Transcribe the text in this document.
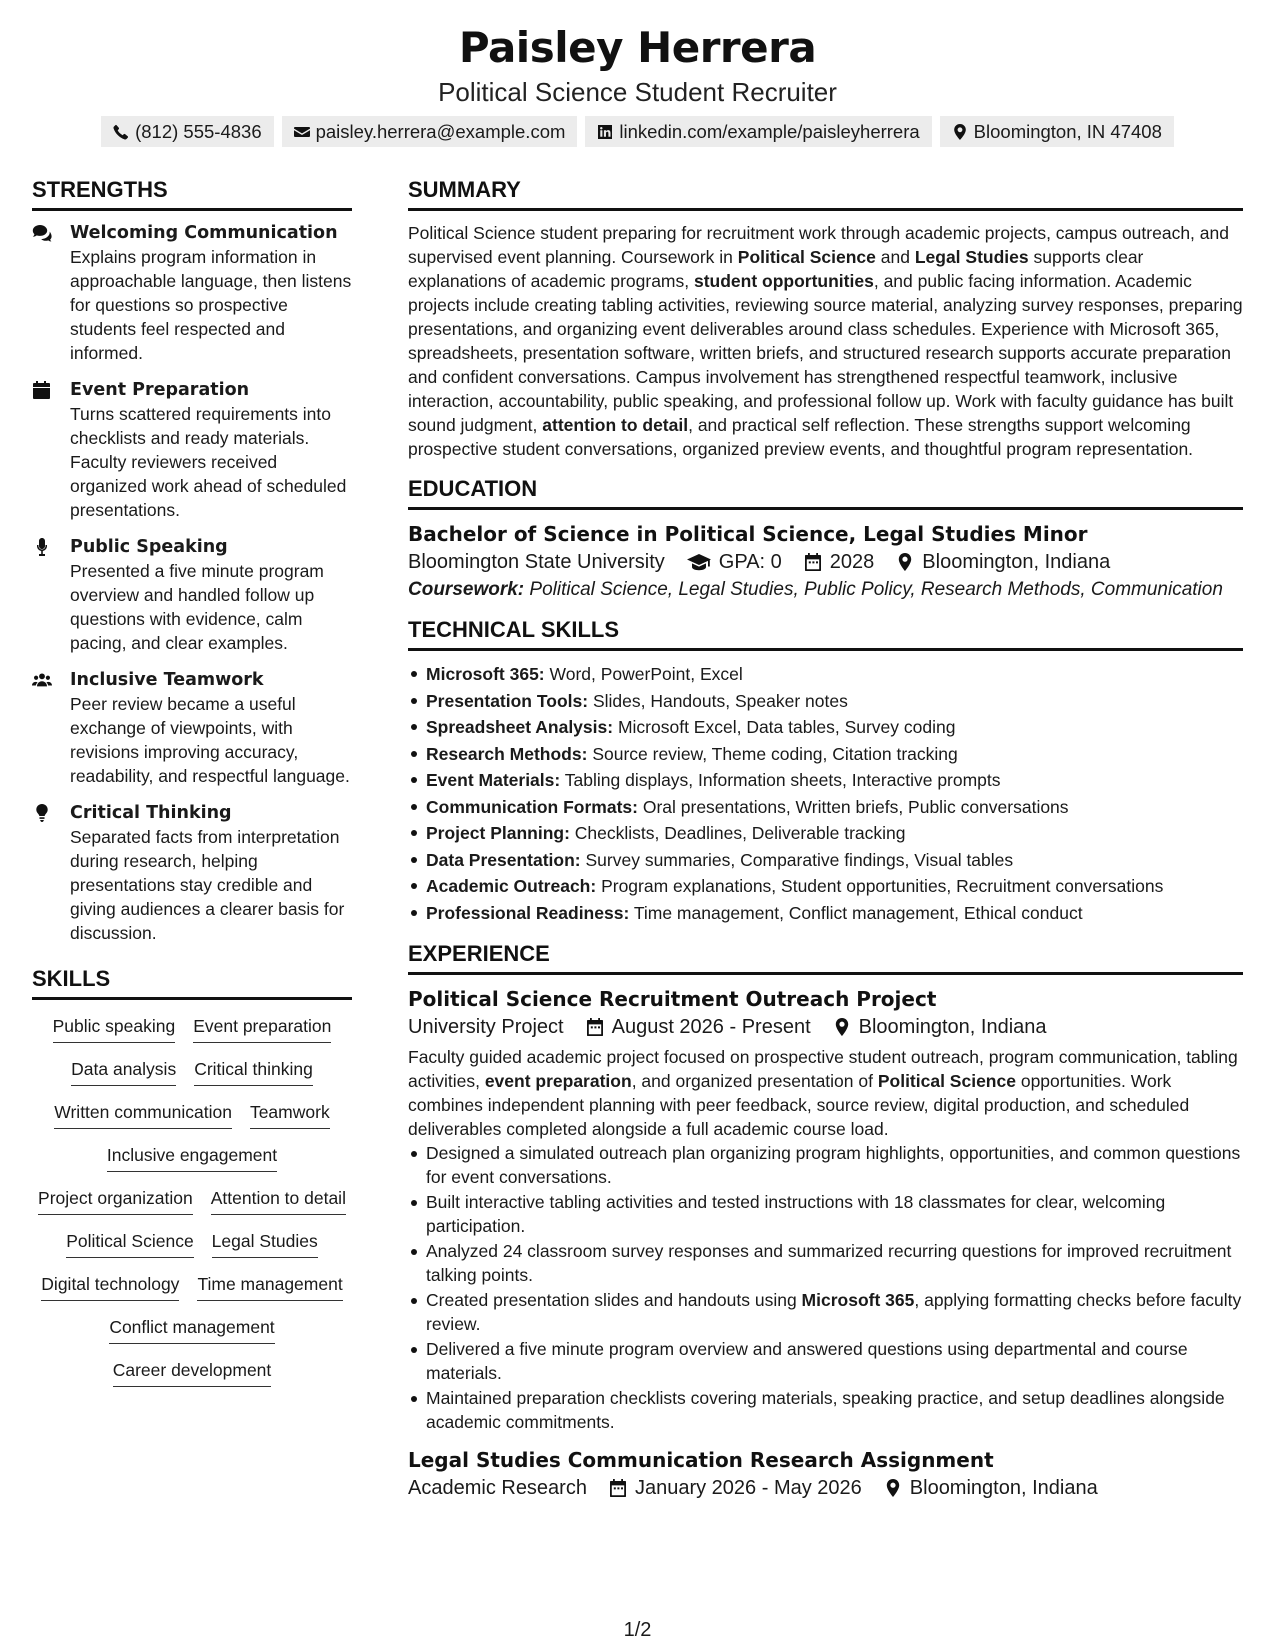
Paisley Herrera
Political Science Student Recruiter
(812) 555-4836	paisley.herrera@example.com	linkedin.com/example/paisleyherrera	Bloomington, IN 47408
STRENGTHS
Welcoming Communication
Explains program information in approachable language, then listens for questions so prospective students feel respected and informed.
Event Preparation
Turns scattered requirements into checklists and ready materials. Faculty reviewers received organized work ahead of scheduled presentations.
Public Speaking
Presented a five minute program overview and handled follow up questions with evidence, calm pacing, and clear examples.
Inclusive Teamwork
Peer review became a useful exchange of viewpoints, with revisions improving accuracy, readability, and respectful language.
Critical Thinking
Separated facts from interpretation during research, helping presentations stay credible and giving audiences a clearer basis for discussion.
SKILLS
Public speaking Event preparation
Data analysis Critical thinking
Written communication Teamwork
Inclusive engagement
Project organization Attention to detail
Political Science Legal Studies
Digital technology Time management
Conflict management
Career development
SUMMARY
Political Science student preparing for recruitment work through academic projects, campus outreach, and supervised event planning. Coursework in Political Science and Legal Studies supports clear explanations of academic programs, student opportunities, and public facing information. Academic projects include creating tabling activities, reviewing source material, analyzing survey responses, preparing presentations, and organizing event deliverables around class schedules. Experience with Microsoft 365, spreadsheets, presentation software, written briefs, and structured research supports accurate preparation and confident conversations. Campus involvement has strengthened respectful teamwork, inclusive interaction, accountability, public speaking, and professional follow up. Work with faculty guidance has built sound judgment, attention to detail, and practical self reflection. These strengths support welcoming prospective student conversations, organized preview events, and thoughtful program representation.
EDUCATION
Bachelor of Science in Political Science, Legal Studies Minor
Bloomington State University	GPA: 0 2028 Bloomington, Indiana
Coursework: Political Science, Legal Studies, Public Policy, Research Methods, Communication
TECHNICAL SKILLS
Microsoft 365: Word, PowerPoint, Excel
Presentation Tools: Slides, Handouts, Speaker notes
Spreadsheet Analysis: Microsoft Excel, Data tables, Survey coding
Research Methods: Source review, Theme coding, Citation tracking
Event Materials: Tabling displays, Information sheets, Interactive prompts
Communication Formats: Oral presentations, Written briefs, Public conversations
Project Planning: Checklists, Deadlines, Deliverable tracking
Data Presentation: Survey summaries, Comparative findings, Visual tables
Academic Outreach: Program explanations, Student opportunities, Recruitment conversations
Professional Readiness: Time management, Conflict management, Ethical conduct
EXPERIENCE
Political Science Recruitment Outreach Project
University Project August 2026 - Present Bloomington, Indiana
Faculty guided academic project focused on prospective student outreach, program communication, tabling activities, event preparation, and organized presentation of Political Science opportunities. Work combines independent planning with peer feedback, source review, digital production, and scheduled deliverables completed alongside a full academic course load.
Designed a simulated outreach plan organizing program highlights, opportunities, and common questions for event conversations.
Built interactive tabling activities and tested instructions with 18 classmates for clear, welcoming participation.
Analyzed 24 classroom survey responses and summarized recurring questions for improved recruitment talking points.
Created presentation slides and handouts using Microsoft 365, applying formatting checks before faculty review.
Delivered a five minute program overview and answered questions using departmental and course materials.
Maintained preparation checklists covering materials, speaking practice, and setup deadlines alongside academic commitments.
Legal Studies Communication Research Assignment
Academic Research January 2026 - May 2026 Bloomington, Indiana
1/2
